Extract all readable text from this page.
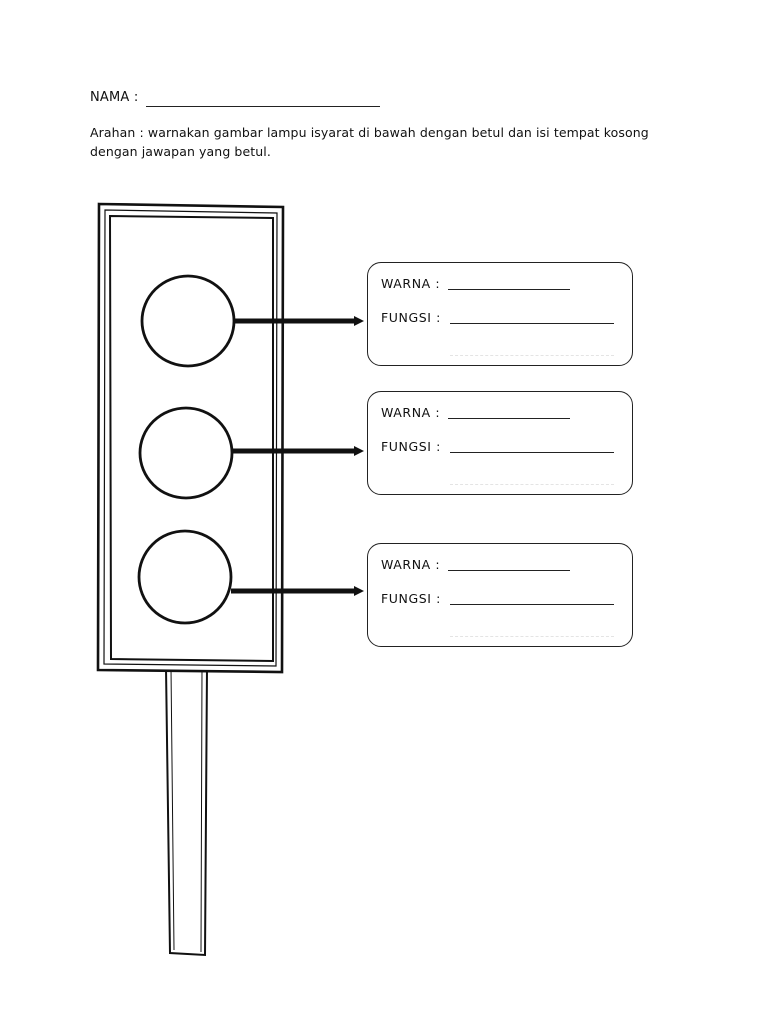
NAMA :
Arahan : warnakan gambar lampu isyarat di bawah dengan betul dan isi tempat kosong dengan jawapan yang betul.
WARNA :
FUNGSI :
WARNA :
FUNGSI :
WARNA :
FUNGSI :
